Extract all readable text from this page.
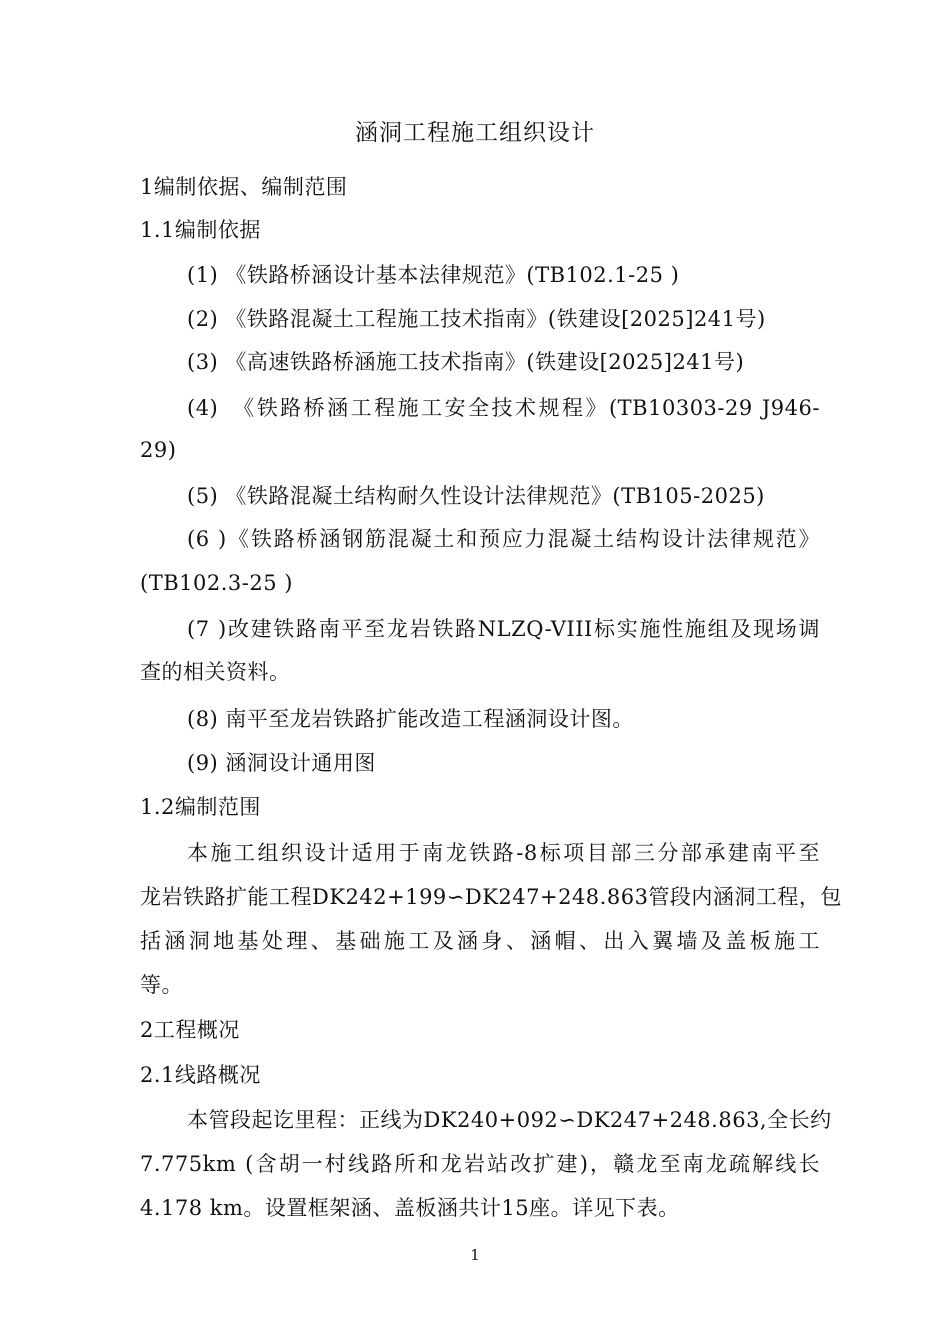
涵洞工程施工组织设计
1编制依据、编制范围
1.1编制依据
(1) 《铁路桥涵设计基本法律规范》(TB102.1-25 )
(2) 《铁路混凝土工程施工技术指南》(铁建设[2025]241号)
(3) 《高速铁路桥涵施工技术指南》(铁建设[2025]241号)
(4)　《铁路桥涵工程施工安全技术规程》(TB10303-29 J946-
29)
(5) 《铁路混凝土结构耐久性设计法律规范》(TB105-2025)
(6 )《铁路桥涵钢筋混凝土和预应力混凝土结构设计法律规范》
(TB102.3-25 )
(7 )改建铁路南平至龙岩铁路NLZQ-VIII标实施性施组及现场调
查的相关资料。
(8) 南平至龙岩铁路扩能改造工程涵洞设计图。
(9) 涵洞设计通用图
1.2编制范围
本施工组织设计适用于南龙铁路-8标项目部三分部承建南平至
龙岩铁路扩能工程DK242+199∽DK247+248.863管段内涵洞工程，包
括涵洞地基处理、基础施工及涵身、涵帽、出入翼墙及盖板施工
等。
2工程概况
2.1线路概况
本管段起讫里程：正线为DK240+092∽DK247+248.863,全长约
7.775km (含胡一村线路所和龙岩站改扩建)，赣龙至南龙疏解线长
4.178 km。设置框架涵、盖板涵共计15座。详见下表。
1
